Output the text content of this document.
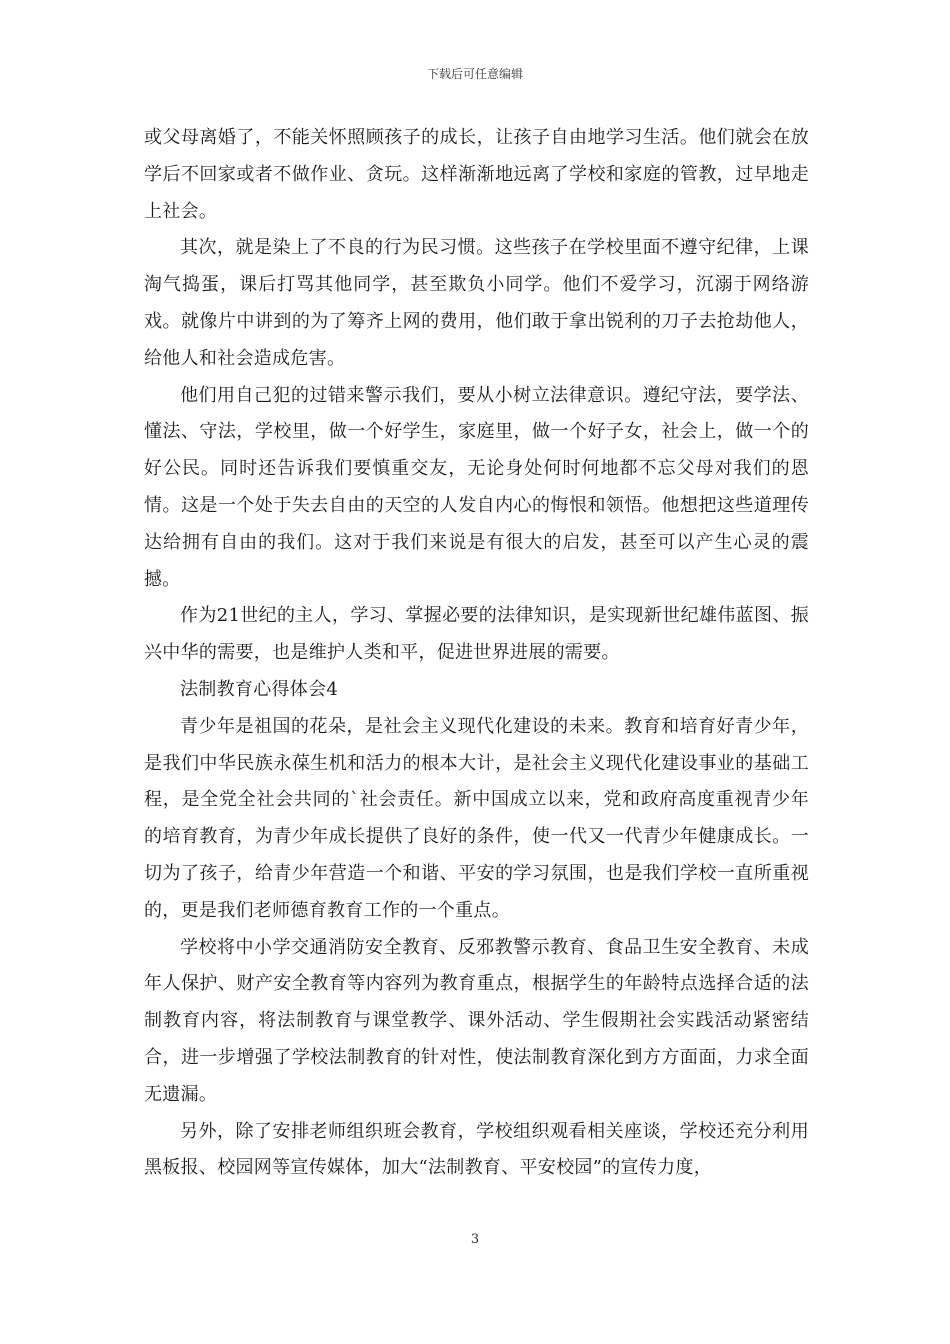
下载后可任意编辑

或父母离婚了，不能关怀照顾孩子的成长，让孩子自由地学习生活。他们就会在放学后不回家或者不做作业、贪玩。这样渐渐地远离了学校和家庭的管教，过早地走上社会。

其次，就是染上了不良的行为民习惯。这些孩子在学校里面不遵守纪律，上课淘气捣蛋，课后打骂其他同学，甚至欺负小同学。他们不爱学习，沉溺于网络游戏。就像片中讲到的为了筹齐上网的费用，他们敢于拿出锐利的刀子去抢劫他人，给他人和社会造成危害。

他们用自己犯的过错来警示我们，要从小树立法律意识。遵纪守法，要学法、懂法、守法，学校里，做一个好学生，家庭里，做一个好子女，社会上，做一个的好公民。同时还告诉我们要慎重交友，无论身处何时何地都不忘父母对我们的恩情。这是一个处于失去自由的天空的人发自内心的悔恨和领悟。他想把这些道理传达给拥有自由的我们。这对于我们来说是有很大的启发，甚至可以产生心灵的震撼。

作为21世纪的主人，学习、掌握必要的法律知识，是实现新世纪雄伟蓝图、振兴中华的需要，也是维护人类和平，促进世界进展的需要。

法制教育心得体会4

青少年是祖国的花朵，是社会主义现代化建设的未来。教育和培育好青少年，是我们中华民族永葆生机和活力的根本大计，是社会主义现代化建设事业的基础工程，是全党全社会共同的`社会责任。新中国成立以来，党和政府高度重视青少年的培育教育，为青少年成长提供了良好的条件，使一代又一代青少年健康成长。一切为了孩子，给青少年营造一个和谐、平安的学习氛围，也是我们学校一直所重视的，更是我们老师德育教育工作的一个重点。

学校将中小学交通消防安全教育、反邪教警示教育、食品卫生安全教育、未成年人保护、财产安全教育等内容列为教育重点，根据学生的年龄特点选择合适的法制教育内容，将法制教育与课堂教学、课外活动、学生假期社会实践活动紧密结合，进一步增强了学校法制教育的针对性，使法制教育深化到方方面面，力求全面无遗漏。

另外，除了安排老师组织班会教育，学校组织观看相关座谈，学校还充分利用黑板报、校园网等宣传媒体，加大“法制教育、平安校园”的宣传力度，

3
